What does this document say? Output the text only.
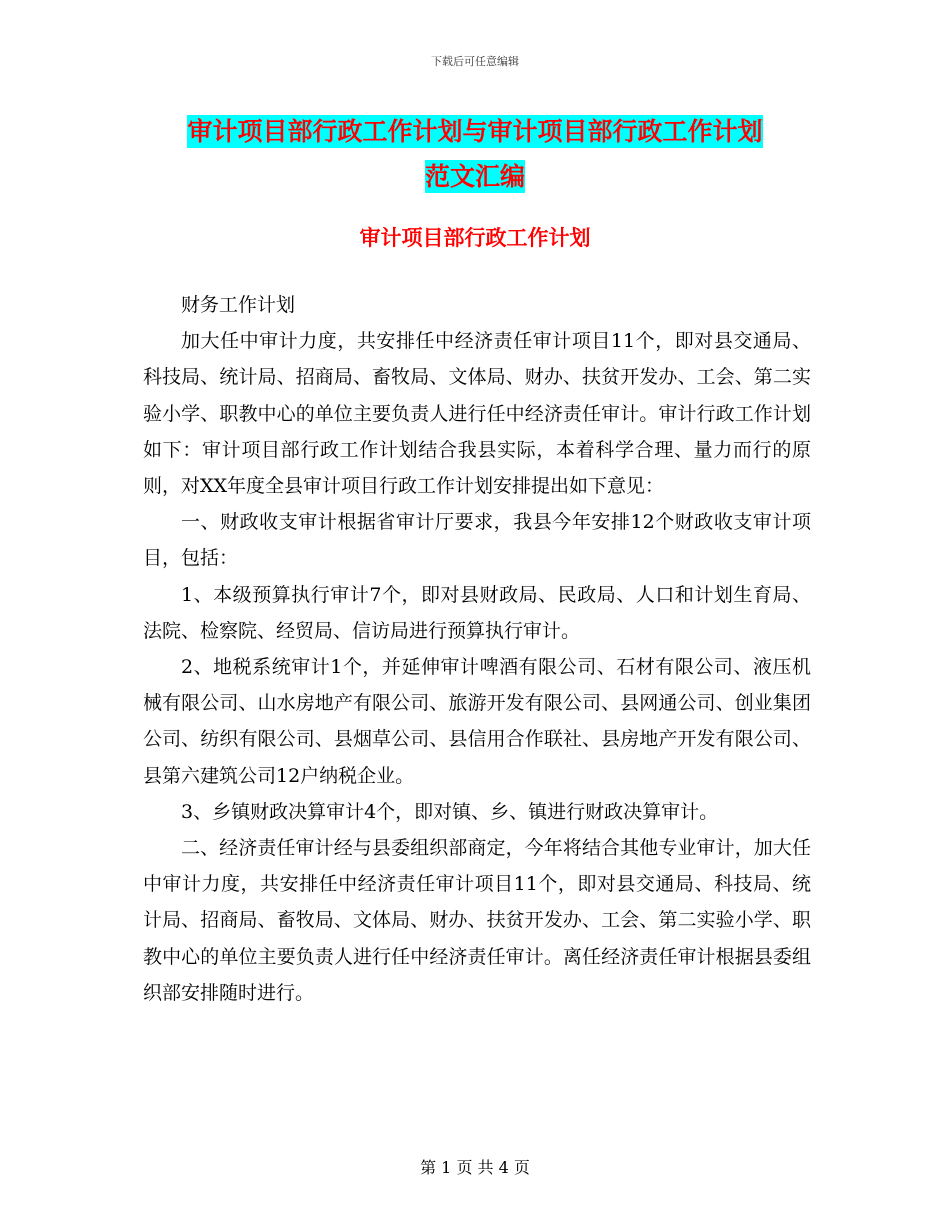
下载后可任意编辑
审计项目部行政工作计划与审计项目部行政工作计划
范文汇编
审计项目部行政工作计划

财务工作计划

加大任中审计力度，共安排任中经济责任审计项目11个，即对县交通局、科技局、统计局、招商局、畜牧局、文体局、财办、扶贫开发办、工会、第二实验小学、职教中心的单位主要负责人进行任中经济责任审计。审计行政工作计划如下：审计项目部行政工作计划结合我县实际，本着科学合理、量力而行的原则，对XX年度全县审计项目行政工作计划安排提出如下意见：

一、财政收支审计根据省审计厅要求，我县今年安排12个财政收支审计项目，包括：

1、本级预算执行审计7个，即对县财政局、民政局、人口和计划生育局、法院、检察院、经贸局、信访局进行预算执行审计。

2、地税系统审计1个，并延伸审计啤酒有限公司、石材有限公司、液压机械有限公司、山水房地产有限公司、旅游开发有限公司、县网通公司、创业集团公司、纺织有限公司、县烟草公司、县信用合作联社、县房地产开发有限公司、县第六建筑公司12户纳税企业。

3、乡镇财政决算审计4个，即对镇、乡、镇进行财政决算审计。

二、经济责任审计经与县委组织部商定，今年将结合其他专业审计，加大任中审计力度，共安排任中经济责任审计项目11个，即对县交通局、科技局、统计局、招商局、畜牧局、文体局、财办、扶贫开发办、工会、第二实验小学、职教中心的单位主要负责人进行任中经济责任审计。离任经济责任审计根据县委组织部安排随时进行。

第 1 页 共 4 页
